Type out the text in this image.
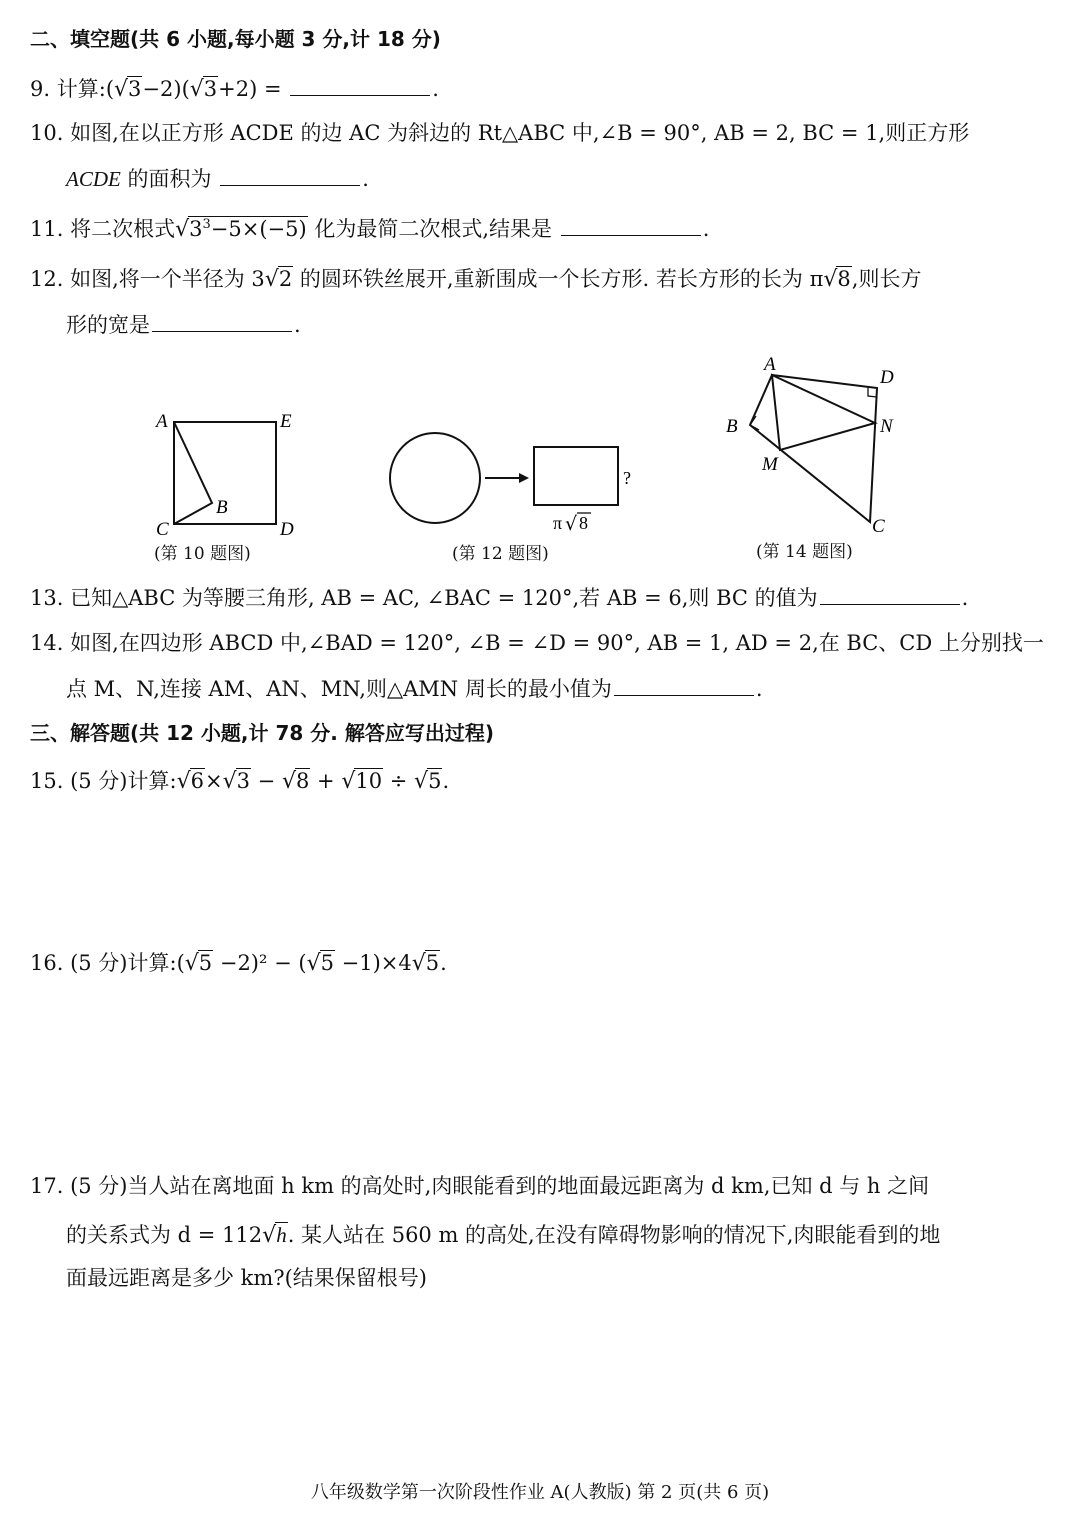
二、填空题(共 6 小题,每小题 3 分,计 18 分)
9. 计算:(√3−2)(√3+2) =	.
10. 如图,在以正方形 ACDE 的边 AC 为斜边的 Rt△ABC 中,∠B = 90°, AB = 2, BC = 1,则正方形
ACDE 的面积为	.
11. 将二次根式$√3^3-5\times(-5)$ 化为最简二次根式,结果是	.
12. 如图,将一个半径为 3√2 的圆环铁丝展开,重新围成一个长方形. 若长方形的长为 π√8,则长方
形的宽是	.
A	E
B
C	D
(第 10 题图)
?
π √ 8
(第 12 题图)
A
D
B	N
M
C
(第 14 题图)
13. 已知△ABC 为等腰三角形, AB = AC, ∠BAC = 120°,若 AB = 6,则 BC 的值为	.
14. 如图,在四边形 ABCD 中,∠BAD = 120°, ∠B = ∠D = 90°, AB = 1, AD = 2,在 BC、CD 上分别找一
点 M、N,连接 AM、AN、MN,则△AMN 周长的最小值为	.
三、解答题(共 12 小题,计 78 分. 解答应写出过程)
15. (5 分)计算:√6×√3 − √8 + √10 ÷ √5.
16. (5 分)计算:(√5 −2)² − (√5 −1)×4√5.
17. (5 分)当人站在离地面 h km 的高处时,肉眼能看到的地面最远距离为 d km,已知 d 与 h 之间
的关系式为 d = 112√h. 某人站在 560 m 的高处,在没有障碍物影响的情况下,肉眼能看到的地
面最远距离是多少 km?(结果保留根号)
八年级数学第一次阶段性作业 A(人教版) 第 2 页(共 6 页)
